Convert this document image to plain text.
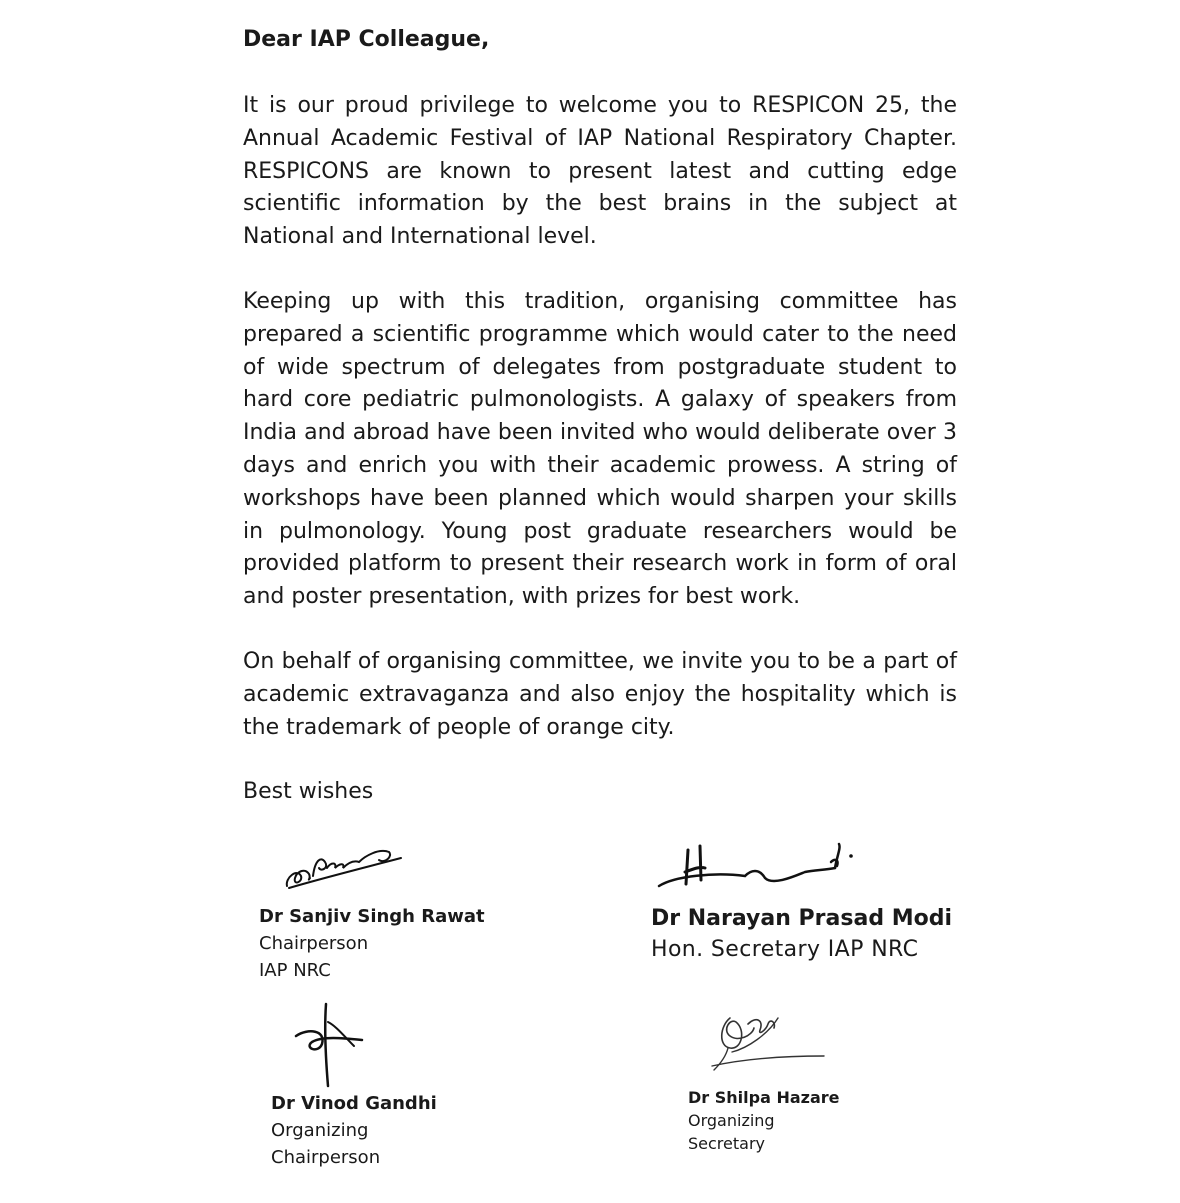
Dear IAP Colleague,

It is our proud privilege to welcome you to RESPICON 25, the Annual Academic Festival of IAP National Respiratory Chapter. RESPICONS are known to present latest and cutting edge scientific information by the best brains in the subject at National and International level.

Keeping up with this tradition, organising committee has prepared a scientific programme which would cater to the need of wide spectrum of delegates from postgraduate student to hard core pediatric pulmonologists. A galaxy of speakers from India and abroad have been invited who would deliberate over 3 days and enrich you with their academic prowess. A string of workshops have been planned which would sharpen your skills in pulmonology. Young post graduate researchers would be provided platform to present their research work in form of oral and poster presentation, with prizes for best work.

On behalf of organising committee, we invite you to be a part of academic extravaganza and also enjoy the hospitality which is the trademark of people of orange city.

Best wishes

Dr Sanjiv Singh Rawat

Chairperson

IAP NRC

Dr Narayan Prasad Modi

Hon. Secretary IAP NRC

Dr Vinod Gandhi

Organizing

Chairperson

Dr Shilpa Hazare

Organizing

Secretary
